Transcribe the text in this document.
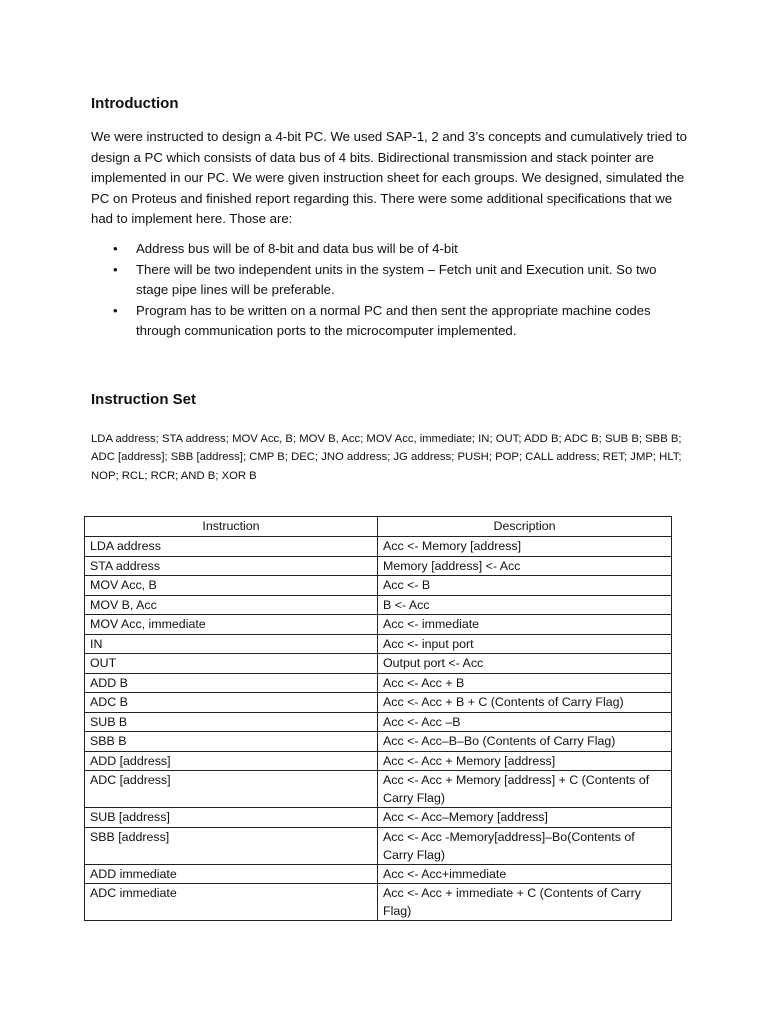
Introduction

We were instructed to design a 4-bit PC. We used SAP-1, 2 and 3’s concepts and cumulatively tried to design a PC which consists of data bus of 4 bits. Bidirectional transmission and stack pointer are implemented in our PC. We were given instruction sheet for each groups. We designed, simulated the PC on Proteus and finished report regarding this. There were some additional specifications that we had to implement here. Those are:

• Address bus will be of 8-bit and data bus will be of 4-bit
• There will be two independent units in the system – Fetch unit and Execution unit. So two stage pipe lines will be preferable.
• Program has to be written on a normal PC and then sent the appropriate machine codes through communication ports to the microcomputer implemented.
Instruction Set

LDA address; STA address; MOV Acc, B; MOV B, Acc; MOV Acc, immediate; IN; OUT; ADD B; ADC B; SUB B; SBB B; ADC [address]; SBB [address]; CMP B; DEC; JNO address; JG address; PUSH; POP; CALL address; RET; JMP; HLT; NOP; RCL; RCR; AND B; XOR B

Instruction	Description
LDA address	Acc <- Memory [address]
STA address	Memory [address] <- Acc
MOV Acc, B	Acc <- B
MOV B, Acc	B <- Acc
MOV Acc, immediate	Acc <- immediate
IN	Acc <- input port
OUT	Output port <- Acc
ADD B	Acc <- Acc + B
ADC B	Acc <- Acc + B + C (Contents of Carry Flag)
SUB B	Acc <- Acc –B
SBB B	Acc <- Acc–B–Bo (Contents of Carry Flag)
ADD [address]	Acc <- Acc + Memory [address]
ADC [address]	Acc <- Acc + Memory [address] + C (Contents of Carry Flag)
SUB [address]	Acc <- Acc–Memory [address]
SBB [address]	Acc <- Acc -Memory[address]–Bo(Contents of Carry Flag)
ADD immediate	Acc <- Acc+immediate
ADC immediate	Acc <- Acc + immediate + C (Contents of Carry Flag)
